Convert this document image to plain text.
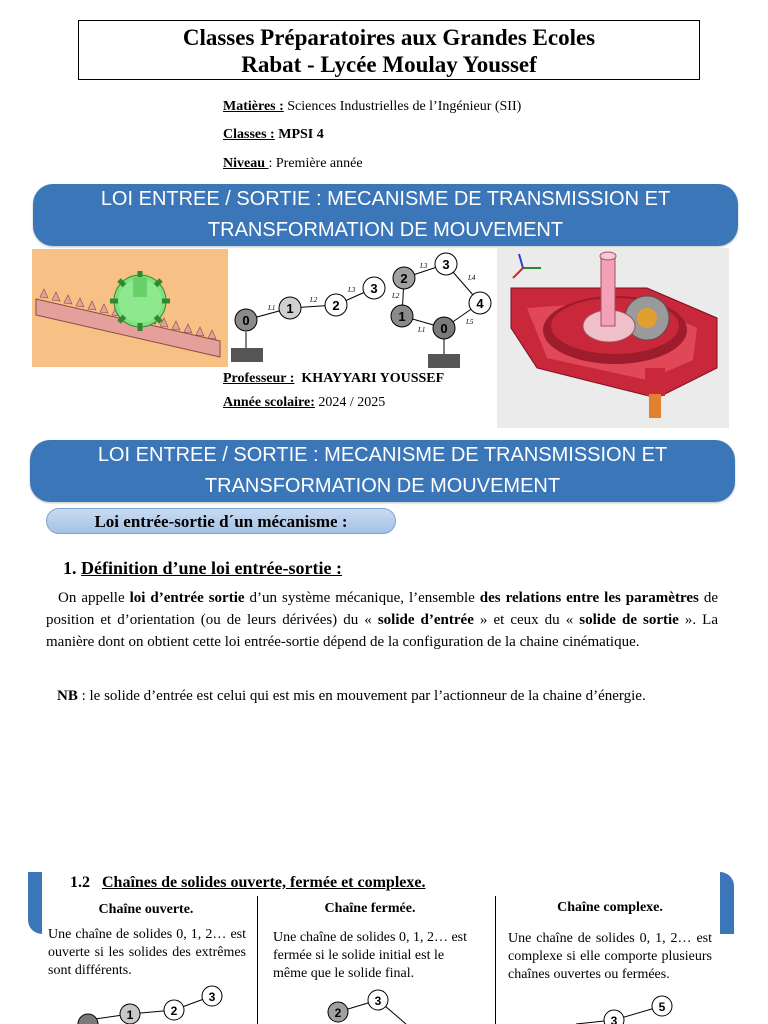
Classes Préparatoires aux Grandes Ecoles
Rabat - Lycée Moulay Youssef
Matières : Sciences Industrielles de l’Ingénieur (SII)
Classes : MPSI 4
Niveau : Première année
LOI ENTREE / SORTIE : MECANISME DE TRANSMISSION ET
TRANSFORMATION DE MOUVEMENT
L1
L2
L3
0
1	2
3
L3
L4
L5
L1
L2
2
3
4
0
1
Professeur : KHAYYARI YOUSSEF
Année scolaire: 2024 / 2025
LOI ENTREE / SORTIE : MECANISME DE TRANSMISSION ET
TRANSFORMATION DE MOUVEMENT
Loi entrée-sortie d´un mécanisme :
1. Définition d’une loi entrée-sortie :
On appelle loi d’entrée sortie d’un système mécanique, l’ensemble des relations entre les paramètres de position et d’orientation (ou de leurs dérivées) du « solide d’entrée » et ceux du « solide de sortie ». La manière dont on obtient cette loi entrée-sortie dépend de la configuration de la chaine cinématique.
NB : le solide d’entrée est celui qui est mis en mouvement par l’actionneur de la chaine d’énergie.
1.2 Chaînes de solides ouverte, fermée et complexe.
Chaîne ouverte.
Une chaîne de solides 0, 1, 2… est ouverte si les solides des extrêmes sont différents.
Chaîne fermée.
Une chaîne de solides 0, 1, 2… est fermée si le solide initial est le même que le solide final.
Chaîne complexe.
Une chaîne de solides 0, 1, 2… est complexe si elle comporte plusieurs chaînes ouvertes ou fermées.
1	2
3
2
3
3
5
